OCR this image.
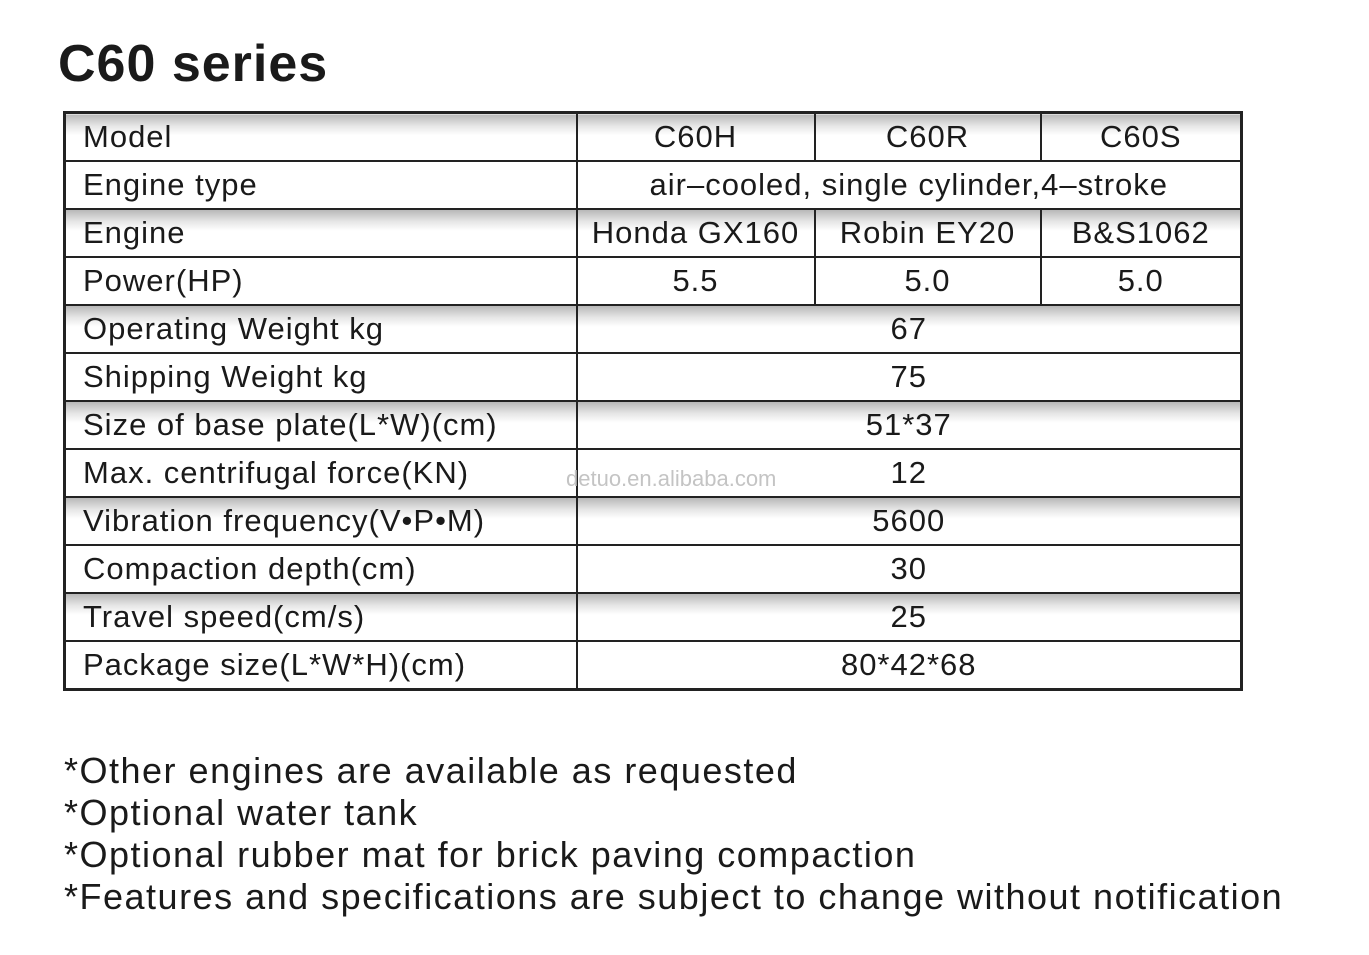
C60 series
Model	C60H	C60R	C60S
Engine type	air–cooled, single cylinder,4–stroke		
Engine	Honda GX160	Robin EY20	B&S1062
Power(HP)	5.5	5.0	5.0
Operating Weight kg	67		
Shipping Weight kg	75		
Size of base plate(L*W)(cm)	51*37		
Max. centrifugal force(KN)	12		
Vibration frequency(V•P•M)	5600		
Compaction depth(cm)	30		
Travel speed(cm/s)	25		
Package size(L*W*H)(cm)	80*42*68		
detuo.en.alibaba.com
*Other engines are available as requested
*Optional water tank
*Optional rubber mat for brick paving compaction
*Features and specifications are subject to change without notification
